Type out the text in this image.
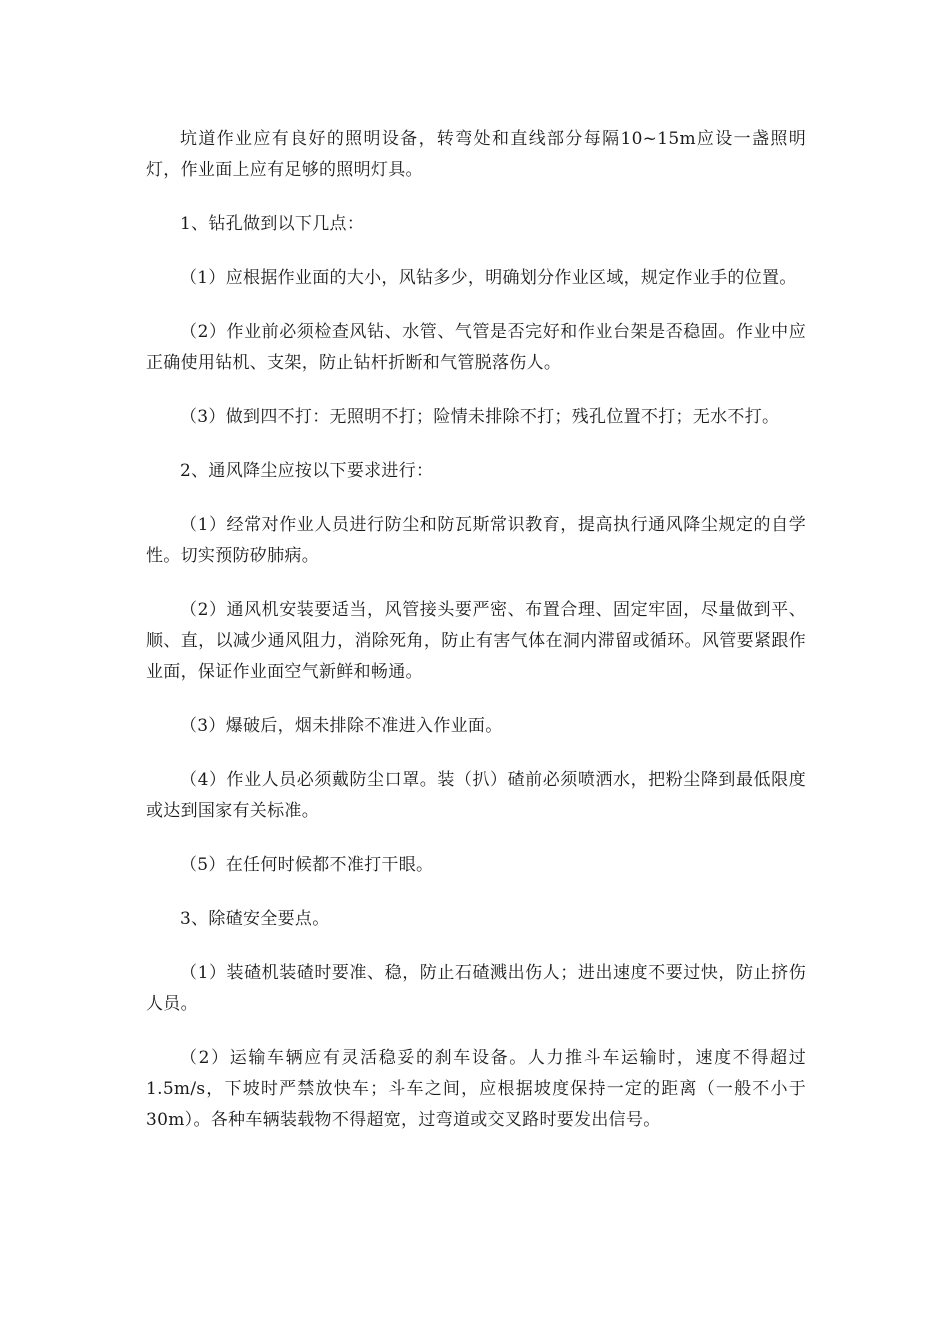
坑道作业应有良好的照明设备，转弯处和直线部分每隔10~15m应设一盏照明灯，作业面上应有足够的照明灯具。

1、钻孔做到以下几点：

（1）应根据作业面的大小，风钻多少，明确划分作业区域，规定作业手的位置。

（2）作业前必须检查风钻、水管、气管是否完好和作业台架是否稳固。作业中应正确使用钻机、支架，防止钻杆折断和气管脱落伤人。

（3）做到四不打：无照明不打；险情未排除不打；残孔位置不打；无水不打。

2、通风降尘应按以下要求进行：

（1）经常对作业人员进行防尘和防瓦斯常识教育，提高执行通风降尘规定的自学性。切实预防矽肺病。

（2）通风机安装要适当，风管接头要严密、布置合理、固定牢固，尽量做到平、顺、直，以减少通风阻力，消除死角，防止有害气体在洞内滞留或循环。风管要紧跟作业面，保证作业面空气新鲜和畅通。

（3）爆破后，烟未排除不准进入作业面。

（4）作业人员必须戴防尘口罩。装（扒）碴前必须喷洒水，把粉尘降到最低限度或达到国家有关标准。

（5）在任何时候都不准打干眼。

3、除碴安全要点。

（1）装碴机装碴时要准、稳，防止石碴溅出伤人；进出速度不要过快，防止挤伤人员。

（2）运输车辆应有灵活稳妥的刹车设备。人力推斗车运输时，速度不得超过1.5m/s，下坡时严禁放快车；斗车之间，应根据坡度保持一定的距离（一般不小于30m）。各种车辆装载物不得超宽，过弯道或交叉路时要发出信号。
